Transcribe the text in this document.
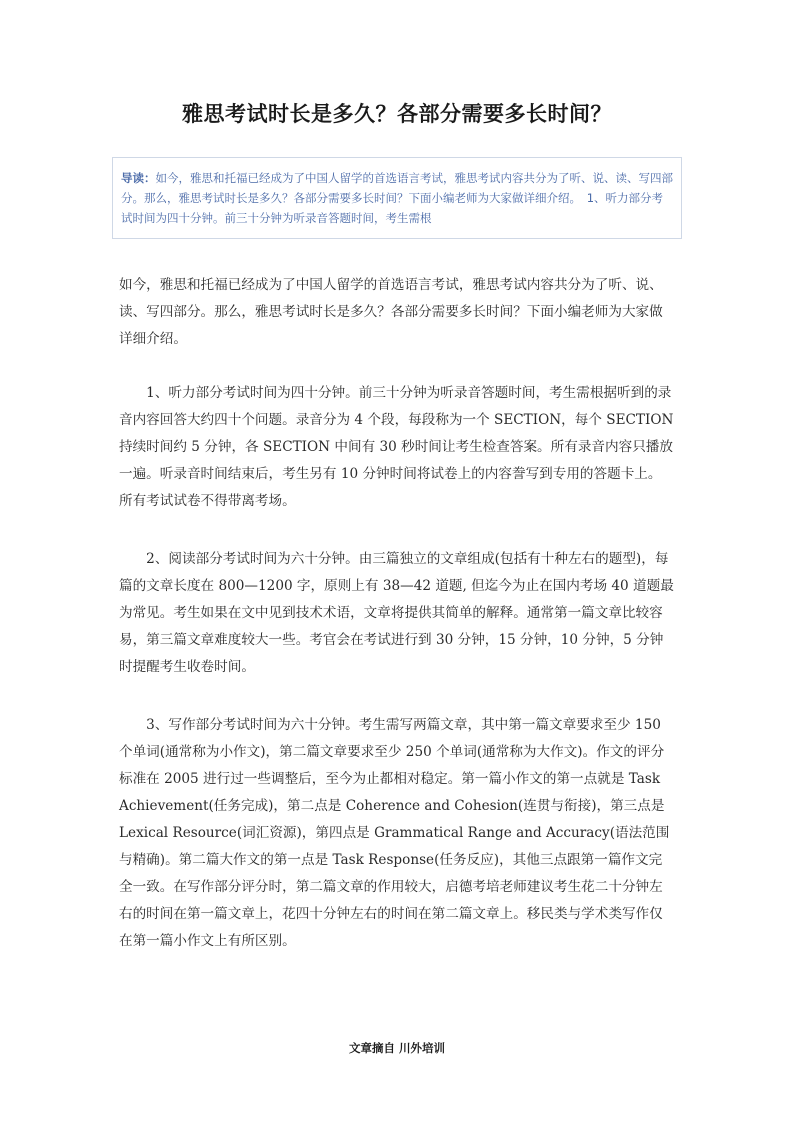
雅思考试时长是多久？各部分需要多长时间？
导读：如今，雅思和托福已经成为了中国人留学的首选语言考试，雅思考试内容共分为了听、说、读、写四部分。那么，雅思考试时长是多久？各部分需要多长时间？下面小编老师为大家做详细介绍。　1、听力部分考试时间为四十分钟。前三十分钟为听录音答题时间，考生需根

如今，雅思和托福已经成为了中国人留学的首选语言考试，雅思考试内容共分为了听、说、读、写四部分。那么，雅思考试时长是多久？各部分需要多长时间？下面小编老师为大家做详细介绍。

　　1、听力部分考试时间为四十分钟。前三十分钟为听录音答题时间，考生需根据听到的录音内容回答大约四十个问题。录音分为 4 个段，每段称为一个 SECTION，每个 SECTION 持续时间约 5 分钟，各 SECTION 中间有 30 秒时间让考生检查答案。所有录音内容只播放一遍。听录音时间结束后，考生另有 10 分钟时间将试卷上的内容誊写到专用的答题卡上。所有考试试卷不得带离考场。

　　2、阅读部分考试时间为六十分钟。由三篇独立的文章组成(包括有十种左右的题型)，每篇的文章长度在 800—1200 字，原则上有 38—42 道题, 但迄今为止在国内考场 40 道题最为常见。考生如果在文中见到技术术语，文章将提供其简单的解释。通常第一篇文章比较容易，第三篇文章难度较大一些。考官会在考试进行到 30 分钟，15 分钟，10 分钟，5 分钟时提醒考生收卷时间。

　　3、写作部分考试时间为六十分钟。考生需写两篇文章，其中第一篇文章要求至少 150 个单词(通常称为小作文)，第二篇文章要求至少 250 个单词(通常称为大作文)。作文的评分标准在 2005 进行过一些调整后，至今为止都相对稳定。第一篇小作文的第一点就是 Task Achievement(任务完成)，第二点是 Coherence and Cohesion(连贯与衔接)，第三点是 Lexical Resource(词汇资源)，第四点是 Grammatical Range and Accuracy(语法范围与精确)。第二篇大作文的第一点是 Task Response(任务反应)，其他三点跟第一篇作文完全一致。在写作部分评分时，第二篇文章的作用较大，启德考培老师建议考生花二十分钟左右的时间在第一篇文章上，花四十分钟左右的时间在第二篇文章上。移民类与学术类写作仅在第一篇小作文上有所区别。

文章摘自 川外培训
